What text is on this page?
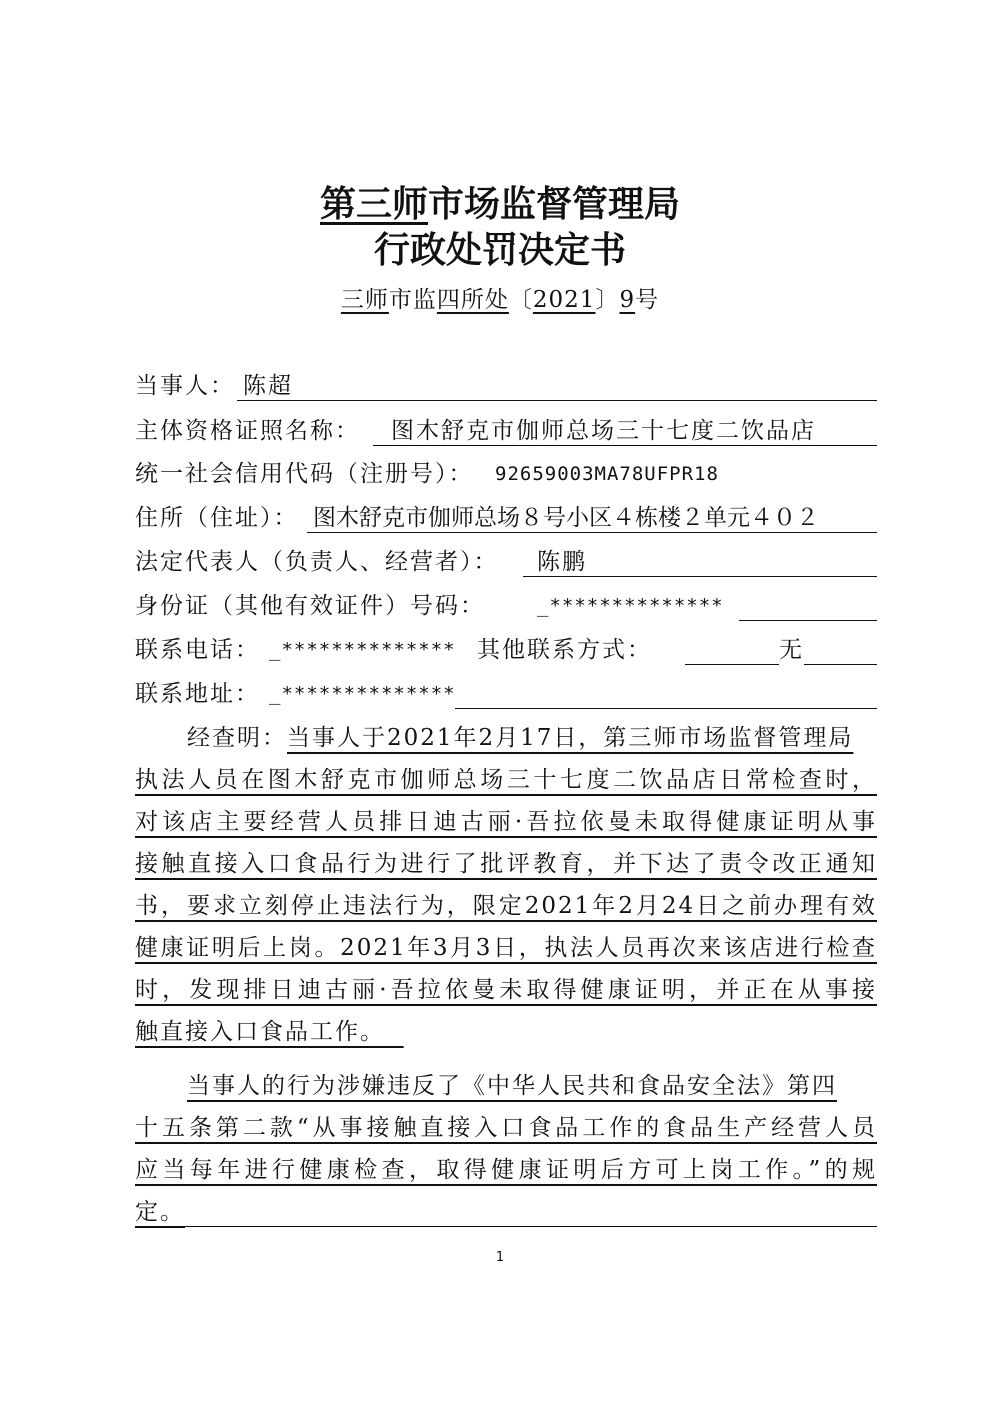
第三师市场监督管理局
行政处罚决定书
三师市监四所处〔2021〕9号
当事人： 陈超
主体资格证照名称： 图木舒克市伽师总场三十七度二饮品店
统一社会信用代码（注册号）： 92659003MA78UFPR18
住所（住址）： 图木舒克市伽师总场８号小区４栋楼２单元４０２
法定代表人（负责人、经营者）： 陈鹏
身份证（其他有效证件）号码：	_**************
联系电话： _************** 其他联系方式：	无
联系地址： _**************
经查明：当事人于2021年2月17日，第三师市场监督管理局
执法人员在图木舒克市伽师总场三十七度二饮品店日常检查时，
对该店主要经营人员排日迪古丽·吾拉依曼未取得健康证明从事
接触直接入口食品行为进行了批评教育，并下达了责令改正通知
书，要求立刻停止违法行为，限定2021年2月24日之前办理有效
健康证明后上岗。2021年3月3日，执法人员再次来该店进行检查
时，发现排日迪古丽·吾拉依曼未取得健康证明，并正在从事接
触直接入口食品工作。
当事人的行为涉嫌违反了《中华人民共和食品安全法》第四
十五条第二款“从事接触直接入口食品工作的食品生产经营人员
应当每年进行健康检查，取得健康证明后方可上岗工作。”的规
定。
1
